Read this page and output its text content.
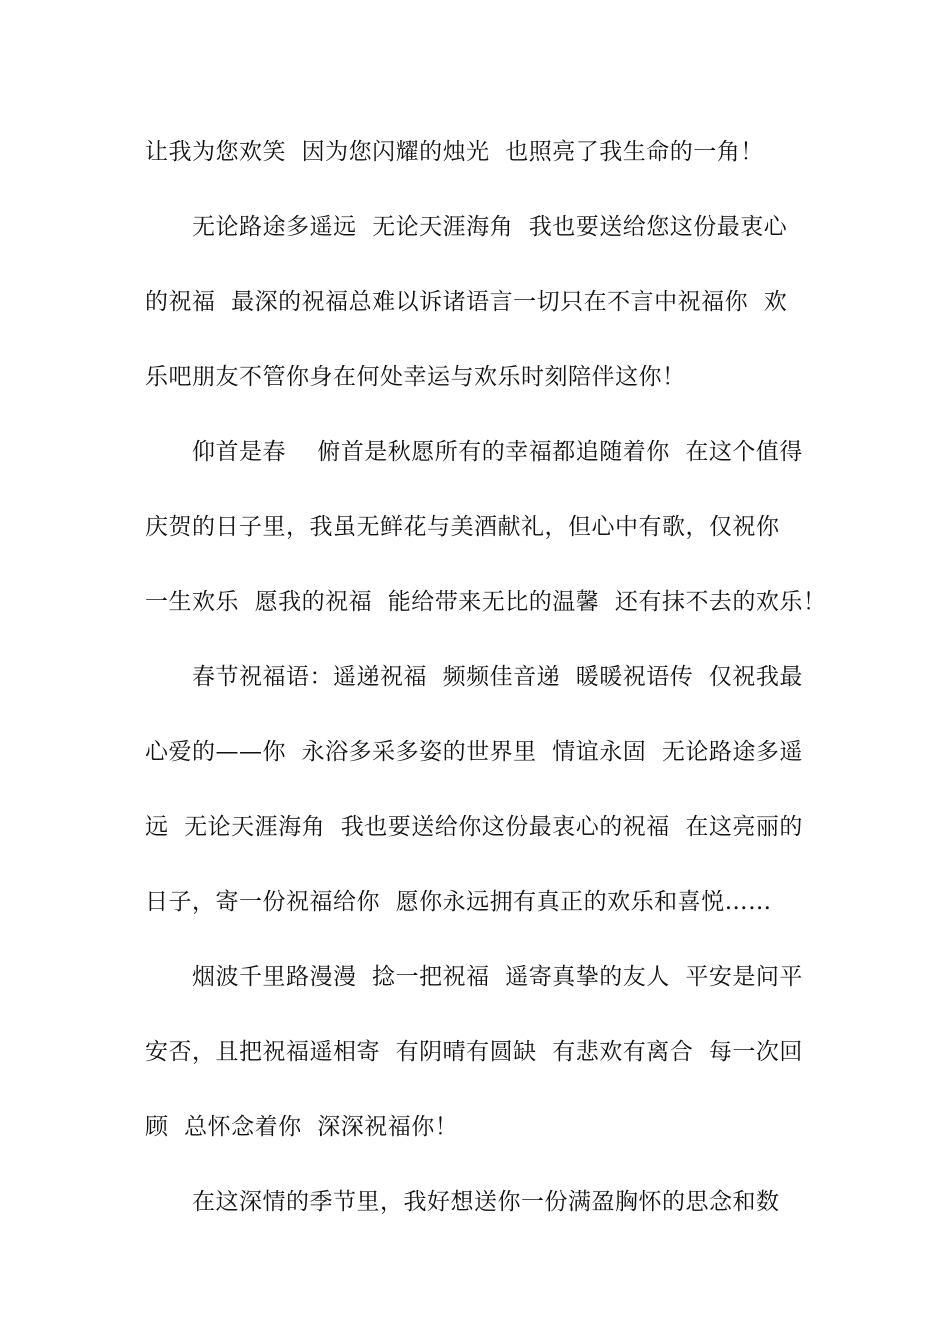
让我为您欢笑  因为您闪耀的烛光  也照亮了我生命的一角！
无论路途多遥远  无论天涯海角  我也要送给您这份最衷心
的祝福  最深的祝福总难以诉诸语言一切只在不言中祝福你  欢
乐吧朋友不管你身在何处幸运与欢乐时刻陪伴这你！
仰首是春    俯首是秋愿所有的幸福都追随着你  在这个值得
庆贺的日子里，我虽无鲜花与美酒献礼，但心中有歌，仅祝你
一生欢乐  愿我的祝福  能给带来无比的温馨  还有抹不去的欢乐！
春节祝福语：遥递祝福  频频佳音递  暖暖祝语传  仅祝我最
心爱的——你  永浴多采多姿的世界里  情谊永固  无论路途多遥
远  无论天涯海角  我也要送给你这份最衷心的祝福  在这亮丽的
日子，寄一份祝福给你  愿你永远拥有真正的欢乐和喜悦……
烟波千里路漫漫  捻一把祝福  遥寄真挚的友人  平安是问平
安否，且把祝福遥相寄  有阴晴有圆缺  有悲欢有离合  每一次回
顾  总怀念着你  深深祝福你！
在这深情的季节里，我好想送你一份满盈胸怀的思念和数
